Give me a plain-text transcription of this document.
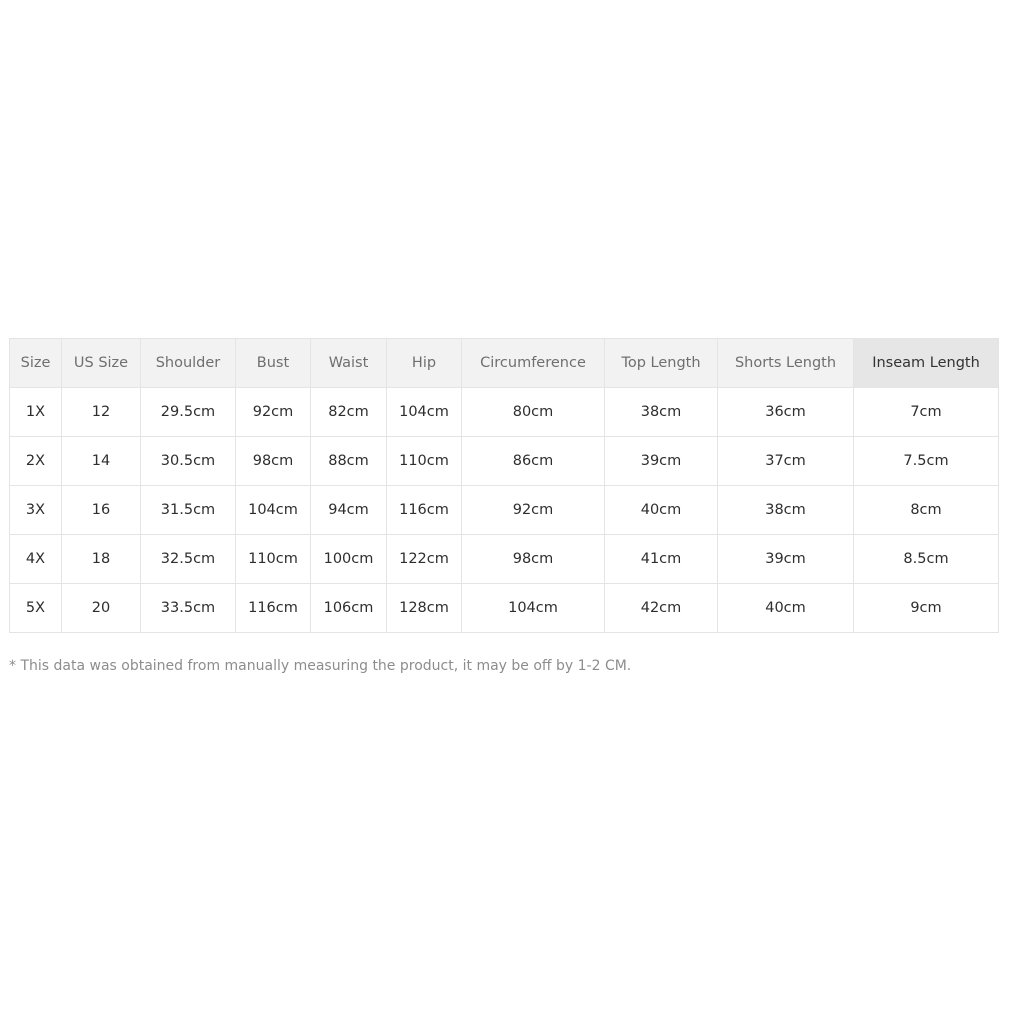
Size	US Size	Shoulder	Bust	Waist	Hip	Circumference	Top Length	Shorts Length	Inseam Length
1X	12	29.5cm	92cm	82cm	104cm	80cm	38cm	36cm	7cm
2X	14	30.5cm	98cm	88cm	110cm	86cm	39cm	37cm	7.5cm
3X	16	31.5cm	104cm	94cm	116cm	92cm	40cm	38cm	8cm
4X	18	32.5cm	110cm	100cm	122cm	98cm	41cm	39cm	8.5cm
5X	20	33.5cm	116cm	106cm	128cm	104cm	42cm	40cm	9cm
* This data was obtained from manually measuring the product, it may be off by 1-2 CM.
